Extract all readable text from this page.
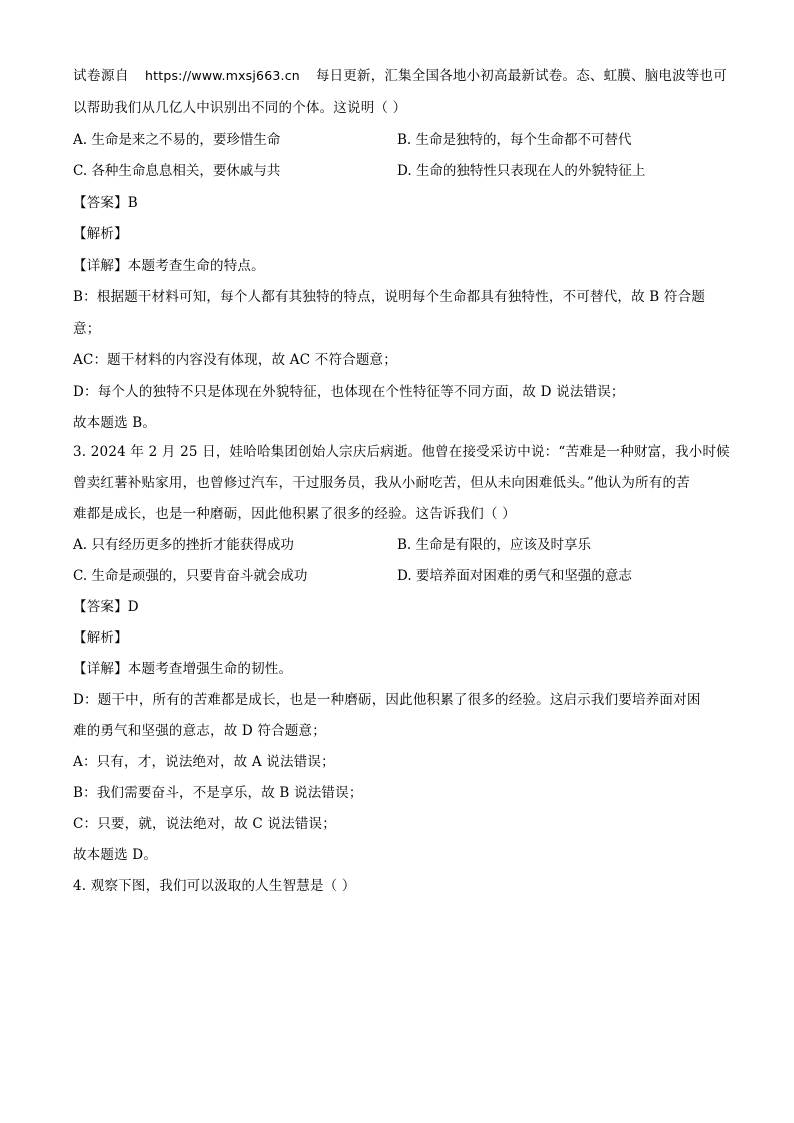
试卷源自 https://www.mxsj663.cn 每日更新，汇集全国各地小初高最新试卷。态、虹膜、脑电波等也可
以帮助我们从几亿人中识别出不同的个体。这说明（ ）
A. 生命是来之不易的，要珍惜生命	B. 生命是独特的，每个生命都不可替代
C. 各种生命息息相关，要休戚与共	D. 生命的独特性只表现在人的外貌特征上
【答案】B
【解析】
【详解】本题考查生命的特点。
B：根据题干材料可知，每个人都有其独特的特点，说明每个生命都具有独特性，不可替代，故 B 符合题
意；
AC：题干材料的内容没有体现，故 AC 不符合题意；
D：每个人的独特不只是体现在外貌特征，也体现在个性特征等不同方面，故 D 说法错误；
故本题选 B。
3. 2024 年 2 月 25 日，娃哈哈集团创始人宗庆后病逝。他曾在接受采访中说：“苦难是一种财富，我小时候
曾卖红薯补贴家用，也曾修过汽车，干过服务员，我从小耐吃苦，但从未向困难低头。”他认为所有的苦
难都是成长，也是一种磨砺，因此他积累了很多的经验。这告诉我们（ ）
A. 只有经历更多的挫折才能获得成功	B. 生命是有限的，应该及时享乐
C. 生命是顽强的，只要肯奋斗就会成功	D. 要培养面对困难的勇气和坚强的意志
【答案】D
【解析】
【详解】本题考查增强生命的韧性。
D：题干中，所有的苦难都是成长，也是一种磨砺，因此他积累了很多的经验。这启示我们要培养面对困
难的勇气和坚强的意志，故 D 符合题意；
A：只有，才，说法绝对，故 A 说法错误；
B：我们需要奋斗，不是享乐，故 B 说法错误；
C：只要，就，说法绝对，故 C 说法错误；
故本题选 D。
4. 观察下图，我们可以汲取的人生智慧是（ ）
